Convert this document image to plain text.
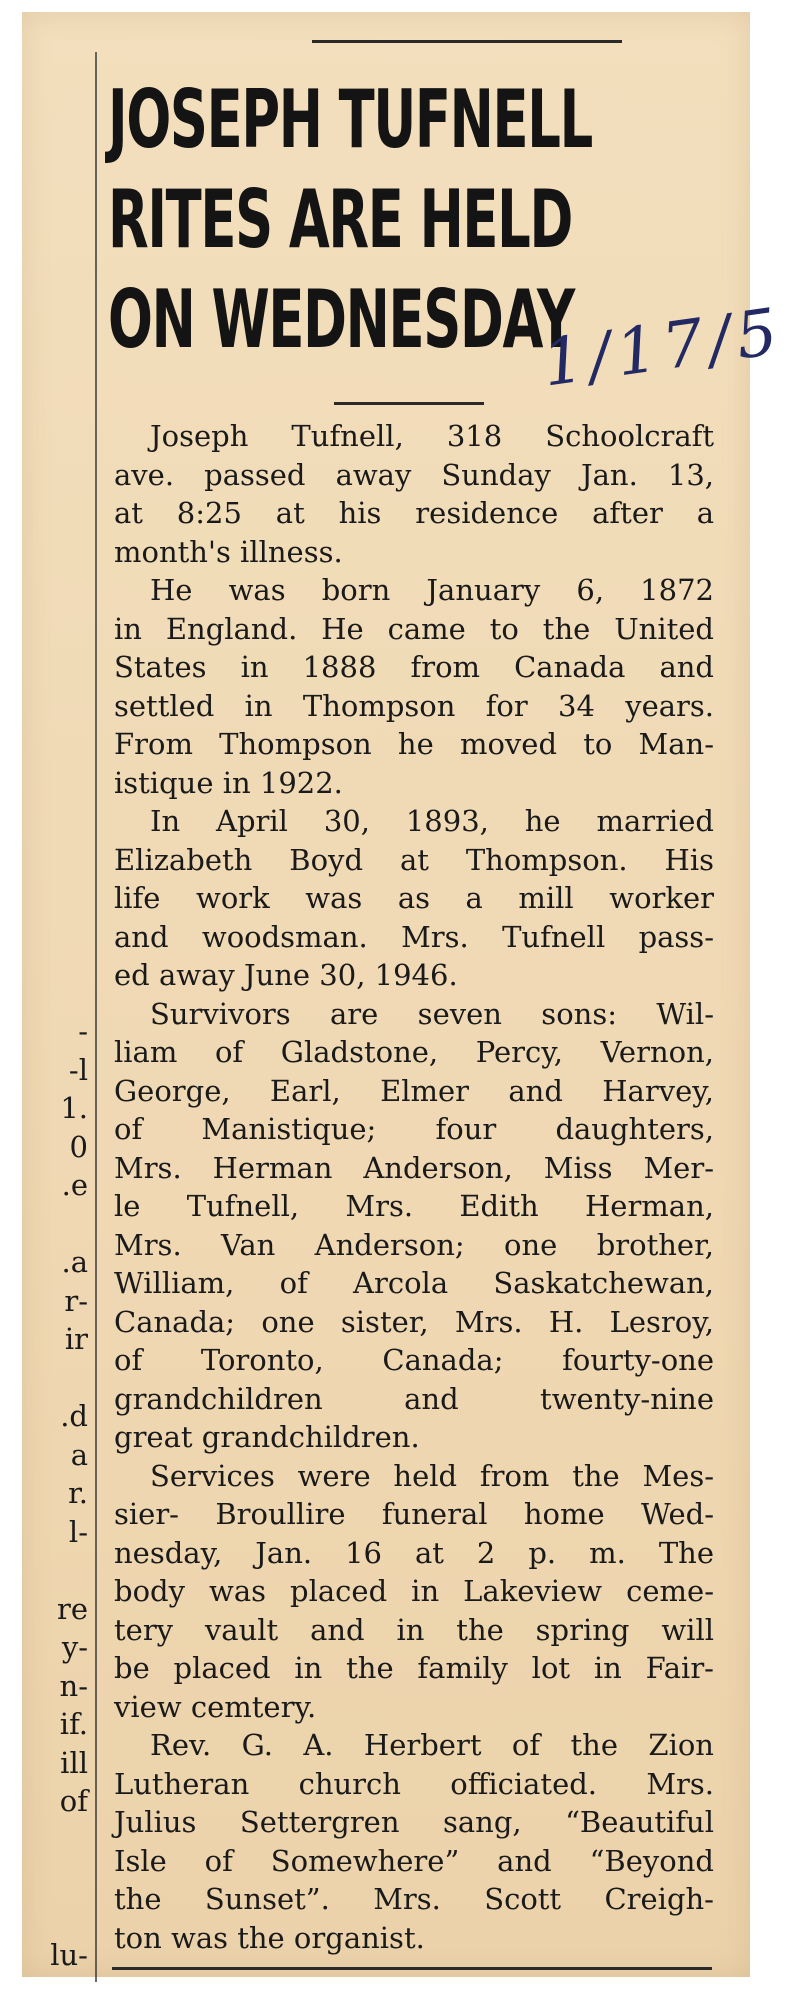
JOSEPH TUFNELL
RITES ARE HELD
ON WEDNESDAY
1/17/5
Joseph Tufnell, 318 Schoolcraft
ave. passed away Sunday Jan. 13,
at 8:25 at his residence after a
month's illness.
He was born January 6, 1872
in England. He came to the United
States in 1888 from Canada and
settled in Thompson for 34 years.
From Thompson he moved to Man-
istique in 1922.
In April 30, 1893, he married
Elizabeth Boyd at Thompson. His
life work was as a mill worker
and woodsman. Mrs. Tufnell pass-
ed away June 30, 1946.
Survivors are seven sons: Wil-
liam of Gladstone, Percy, Vernon,
George, Earl, Elmer and Harvey,
of Manistique; four daughters,
Mrs. Herman Anderson, Miss Mer-
le Tufnell, Mrs. Edith Herman,
Mrs. Van Anderson; one brother,
William, of Arcola Saskatchewan,
Canada; one sister, Mrs. H. Lesroy,
of Toronto, Canada; fourty-one
grandchildren and twenty-nine
great grandchildren.
Services were held from the Mes-
sier- Broullire funeral home Wed-
nesday, Jan. 16 at 2 p. m. The
body was placed in Lakeview ceme-
tery vault and in the spring will
be placed in the family lot in Fair-
view cemtery.
Rev. G. A. Herbert of the Zion
Lutheran church officiated. Mrs.
Julius Settergren sang, “Beautiful
Isle of Somewhere” and “Beyond
the Sunset”. Mrs. Scott Creigh-
ton was the organist.
-
-l
1.
0
.e
.a
r-
ir
.d
a
r.
l-
re
y-
n-
if.
ill
of
lu-
